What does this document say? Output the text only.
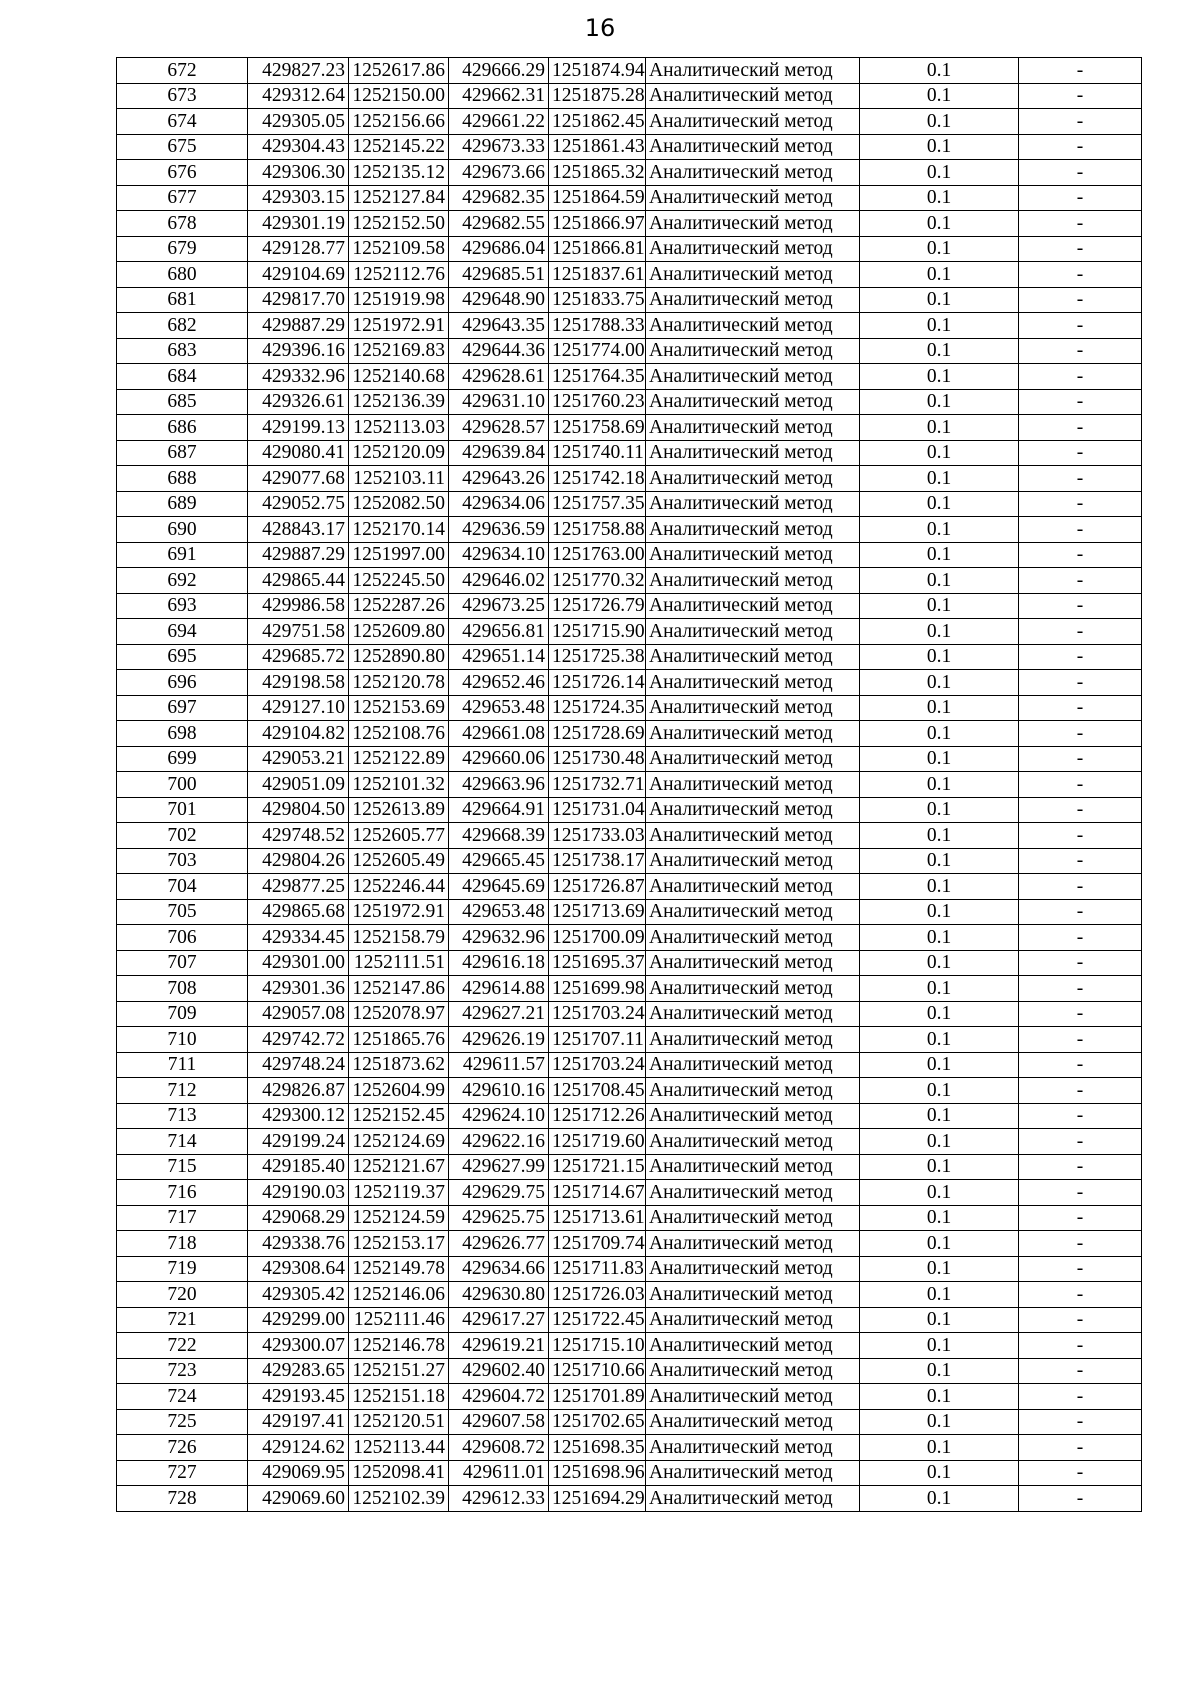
16
672	429827.23	1252617.86	429666.29	1251874.94	Аналитический метод	0.1	-
673	429312.64	1252150.00	429662.31	1251875.28	Аналитический метод	0.1	-
674	429305.05	1252156.66	429661.22	1251862.45	Аналитический метод	0.1	-
675	429304.43	1252145.22	429673.33	1251861.43	Аналитический метод	0.1	-
676	429306.30	1252135.12	429673.66	1251865.32	Аналитический метод	0.1	-
677	429303.15	1252127.84	429682.35	1251864.59	Аналитический метод	0.1	-
678	429301.19	1252152.50	429682.55	1251866.97	Аналитический метод	0.1	-
679	429128.77	1252109.58	429686.04	1251866.81	Аналитический метод	0.1	-
680	429104.69	1252112.76	429685.51	1251837.61	Аналитический метод	0.1	-
681	429817.70	1251919.98	429648.90	1251833.75	Аналитический метод	0.1	-
682	429887.29	1251972.91	429643.35	1251788.33	Аналитический метод	0.1	-
683	429396.16	1252169.83	429644.36	1251774.00	Аналитический метод	0.1	-
684	429332.96	1252140.68	429628.61	1251764.35	Аналитический метод	0.1	-
685	429326.61	1252136.39	429631.10	1251760.23	Аналитический метод	0.1	-
686	429199.13	1252113.03	429628.57	1251758.69	Аналитический метод	0.1	-
687	429080.41	1252120.09	429639.84	1251740.11	Аналитический метод	0.1	-
688	429077.68	1252103.11	429643.26	1251742.18	Аналитический метод	0.1	-
689	429052.75	1252082.50	429634.06	1251757.35	Аналитический метод	0.1	-
690	428843.17	1252170.14	429636.59	1251758.88	Аналитический метод	0.1	-
691	429887.29	1251997.00	429634.10	1251763.00	Аналитический метод	0.1	-
692	429865.44	1252245.50	429646.02	1251770.32	Аналитический метод	0.1	-
693	429986.58	1252287.26	429673.25	1251726.79	Аналитический метод	0.1	-
694	429751.58	1252609.80	429656.81	1251715.90	Аналитический метод	0.1	-
695	429685.72	1252890.80	429651.14	1251725.38	Аналитический метод	0.1	-
696	429198.58	1252120.78	429652.46	1251726.14	Аналитический метод	0.1	-
697	429127.10	1252153.69	429653.48	1251724.35	Аналитический метод	0.1	-
698	429104.82	1252108.76	429661.08	1251728.69	Аналитический метод	0.1	-
699	429053.21	1252122.89	429660.06	1251730.48	Аналитический метод	0.1	-
700	429051.09	1252101.32	429663.96	1251732.71	Аналитический метод	0.1	-
701	429804.50	1252613.89	429664.91	1251731.04	Аналитический метод	0.1	-
702	429748.52	1252605.77	429668.39	1251733.03	Аналитический метод	0.1	-
703	429804.26	1252605.49	429665.45	1251738.17	Аналитический метод	0.1	-
704	429877.25	1252246.44	429645.69	1251726.87	Аналитический метод	0.1	-
705	429865.68	1251972.91	429653.48	1251713.69	Аналитический метод	0.1	-
706	429334.45	1252158.79	429632.96	1251700.09	Аналитический метод	0.1	-
707	429301.00	1252111.51	429616.18	1251695.37	Аналитический метод	0.1	-
708	429301.36	1252147.86	429614.88	1251699.98	Аналитический метод	0.1	-
709	429057.08	1252078.97	429627.21	1251703.24	Аналитический метод	0.1	-
710	429742.72	1251865.76	429626.19	1251707.11	Аналитический метод	0.1	-
711	429748.24	1251873.62	429611.57	1251703.24	Аналитический метод	0.1	-
712	429826.87	1252604.99	429610.16	1251708.45	Аналитический метод	0.1	-
713	429300.12	1252152.45	429624.10	1251712.26	Аналитический метод	0.1	-
714	429199.24	1252124.69	429622.16	1251719.60	Аналитический метод	0.1	-
715	429185.40	1252121.67	429627.99	1251721.15	Аналитический метод	0.1	-
716	429190.03	1252119.37	429629.75	1251714.67	Аналитический метод	0.1	-
717	429068.29	1252124.59	429625.75	1251713.61	Аналитический метод	0.1	-
718	429338.76	1252153.17	429626.77	1251709.74	Аналитический метод	0.1	-
719	429308.64	1252149.78	429634.66	1251711.83	Аналитический метод	0.1	-
720	429305.42	1252146.06	429630.80	1251726.03	Аналитический метод	0.1	-
721	429299.00	1252111.46	429617.27	1251722.45	Аналитический метод	0.1	-
722	429300.07	1252146.78	429619.21	1251715.10	Аналитический метод	0.1	-
723	429283.65	1252151.27	429602.40	1251710.66	Аналитический метод	0.1	-
724	429193.45	1252151.18	429604.72	1251701.89	Аналитический метод	0.1	-
725	429197.41	1252120.51	429607.58	1251702.65	Аналитический метод	0.1	-
726	429124.62	1252113.44	429608.72	1251698.35	Аналитический метод	0.1	-
727	429069.95	1252098.41	429611.01	1251698.96	Аналитический метод	0.1	-
728	429069.60	1252102.39	429612.33	1251694.29	Аналитический метод	0.1	-
